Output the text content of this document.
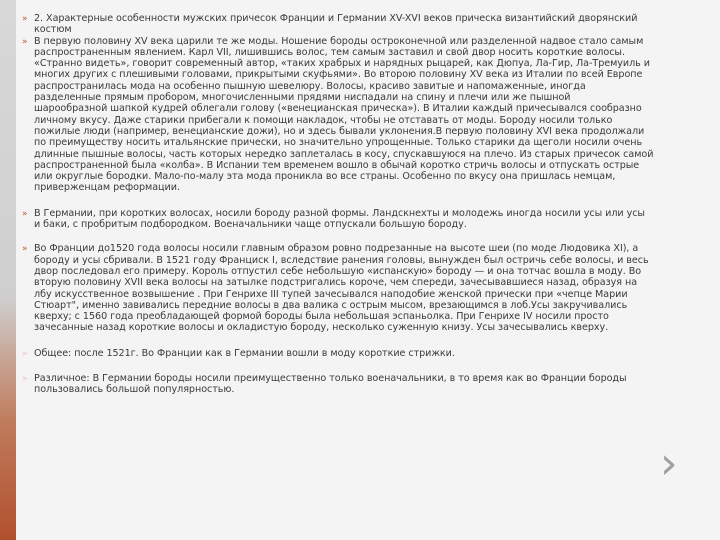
» 2. Характерные особенности мужских причесок Франции и Германии XV-XVI веков прическа византийский дворянский
костюм
» В первую половину XV века царили те же моды. Ношение бороды остроконечной или разделенной надвое стало самым
распространенным явлением. Карл VII, лишившись волос, тем самым заставил и свой двор носить короткие волосы.
«Странно видеть», говорит современный автор, «таких храбрых и нарядных рыцарей, как Дюпуа, Ла-Гир, Ла-Тремуиль и
многих других с плешивыми головами, прикрытыми скуфьями». Во второю половину XV века из Италии по всей Европе
распространилась мода на особенно пышную шевелюру. Волосы, красиво завитые и напомаженные, иногда
разделенные прямым пробором, многочисленными прядями ниспадали на спину и плечи или же пышной
шарообразной шапкой кудрей облегали голову («венецианская прическа»). В Италии каждый причесывался сообразно
личному вкусу. Даже старики прибегали к помощи накладок, чтобы не отставать от моды. Бороду носили только
пожилые люди (например, венецианские дожи), но и здесь бывали уклонения.В первую половину XVI века продолжали
по преимуществу носить итальянские прически, но значительно упрощенные. Только старики да щеголи носили очень
длинные пышные волосы, часть которых нередко заплеталась в косу, спускавшуюся на плечо. Из старых причесок самой
распространенной была «колба». В Испании тем временем вошло в обычай коротко стричь волосы и отпускать острые
или округлые бородки. Мало-по-малу эта мода проникла во все страны. Особенно по вкусу она пришлась немцам,
приверженцам реформации.
» В Германии, при коротких волосах, носили бороду разной формы. Ландскнехты и молодежь иногда носили усы или усы
и баки, с пробритым подбородком. Военачальники чаще отпускали большую бороду.
» Во Франции до1520 года волосы носили главным образом ровно подрезанные на высоте шеи (по моде Людовика XI), а
бороду и усы сбривали. В 1521 году Франциск I, вследствие ранения головы, вынужден был остричь себе волосы, и весь
двор последовал его примеру. Король отпустил себе небольшую «испанскую» бороду — и она тотчас вошла в моду. Во
вторую половину XVII века волосы на затылке подстригались короче, чем спереди, зачесывавшиеся назад, образуя на
лбу искусственное возвышение . При Генрихе III тупей зачесывался наподобие женской прически при «чепце Марии
Стюарт", именно завивались передние волосы в два валика с острым мысом, врезающимся в лоб.Усы закручивались
кверху; с 1560 года преобладающей формой бороды была небольшая эспаньолка. При Генрихе IV носили просто
зачесанные назад короткие волосы и окладистую бороду, несколько суженную книзу. Усы зачесывались кверху.
» Общее: после 1521г. Во Франции как в Германии вошли в моду короткие стрижки.
» Различное: В Германии бороды носили преимущественно только военачальники, в то время как во Франции бороды
пользовались большой популярностью.
›
